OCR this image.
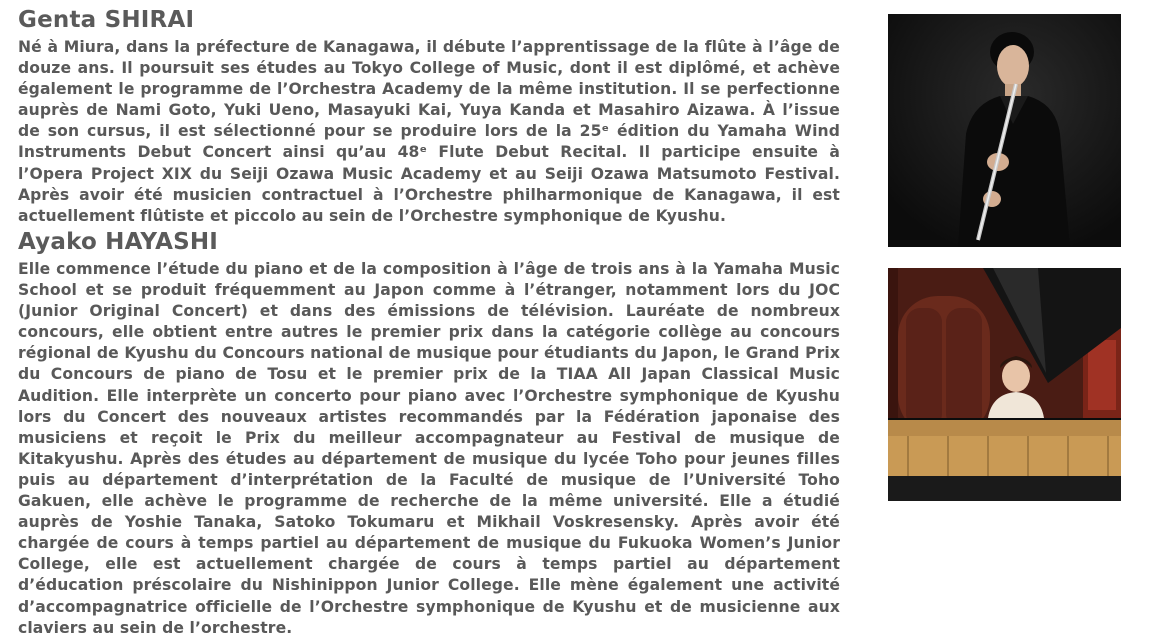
Genta SHIRAI

Né à Miura, dans la préfecture de Kanagawa, il débute l’apprentissage de la flûte à l’âge de douze ans. Il poursuit ses études au Tokyo College of Music, dont il est diplômé, et achève également le programme de l’Orchestra Academy de la même institution. Il se perfectionne auprès de Nami Goto, Yuki Ueno, Masayuki Kai, Yuya Kanda et Masahiro Aizawa. À l’issue de son cursus, il est sélectionné pour se produire lors de la 25ᵉ édition du Yamaha Wind Instruments Debut Concert ainsi qu’au 48ᵉ Flute Debut Recital. Il participe ensuite à l’Opera Project XIX du Seiji Ozawa Music Academy et au Seiji Ozawa Matsumoto Festival. Après avoir été musicien contractuel à l’Orchestre philharmonique de Kanagawa, il est actuellement flûtiste et piccolo au sein de l’Orchestre symphonique de Kyushu.

Ayako HAYASHI

Elle commence l’étude du piano et de la composition à l’âge de trois ans à la Yamaha Music School et se produit fréquemment au Japon comme à l’étranger, notamment lors du JOC (Junior Original Concert) et dans des émissions de télévision. Lauréate de nombreux concours, elle obtient entre autres le premier prix dans la catégorie collège au concours régional de Kyushu du Concours national de musique pour étudiants du Japon, le Grand Prix du Concours de piano de Tosu et le premier prix de la TIAA All Japan Classical Music Audition. Elle interprète un concerto pour piano avec l’Orchestre symphonique de Kyushu lors du Concert des nouveaux artistes recommandés par la Fédération japonaise des musiciens et reçoit le Prix du meilleur accompagnateur au Festival de musique de Kitakyushu. Après des études au département de musique du lycée Toho pour jeunes filles puis au département d’interprétation de la Faculté de musique de l’Université Toho Gakuen, elle achève le programme de recherche de la même université. Elle a étudié auprès de Yoshie Tanaka, Satoko Tokumaru et Mikhail Voskresensky. Après avoir été chargée de cours à temps partiel au département de musique du Fukuoka Women’s Junior College, elle est actuellement chargée de cours à temps partiel au département d’éducation préscolaire du Nishinippon Junior College. Elle mène également une activité d’accompagnatrice officielle de l’Orchestre symphonique de Kyushu et de musicienne aux claviers au sein de l’orchestre.
